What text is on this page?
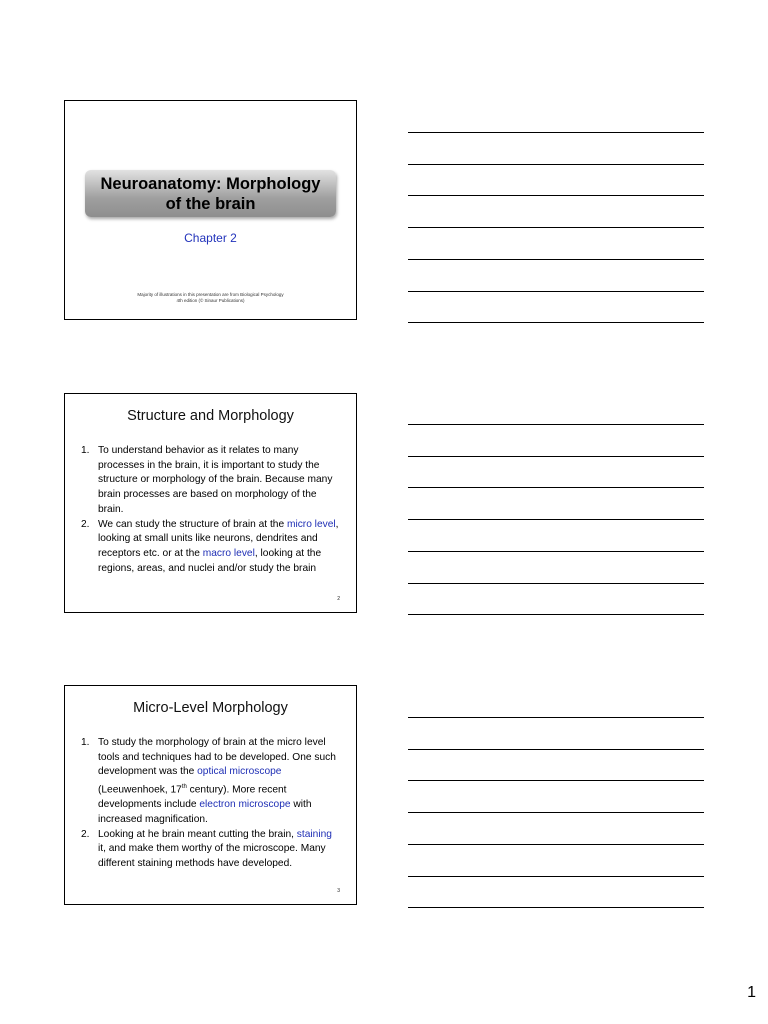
Neuroanatomy: Morphology of the brain
Chapter 2
Majority of illustrations in this presentation are from Biological Psychology
4th edition (© Sinaur Publications)
Structure and Morphology
1. To understand behavior as it relates to many processes in the brain, it is important to study the structure or morphology of the brain. Because many brain processes are based on morphology of the brain.
2. We can study the structure of brain at the micro level, looking at small units like neurons, dendrites and receptors etc. or at the macro level, looking at the regions, areas, and nuclei and/or study the brain
2
Micro-Level Morphology
1. To study the morphology of brain at the micro level tools and techniques had to be developed. One such development was the optical microscope (Leeuwenhoek, 17th century). More recent developments include electron microscope with increased magnification.
2. Looking at he brain meant cutting the brain, staining it, and make them worthy of the microscope. Many different staining methods have developed.
3
1
